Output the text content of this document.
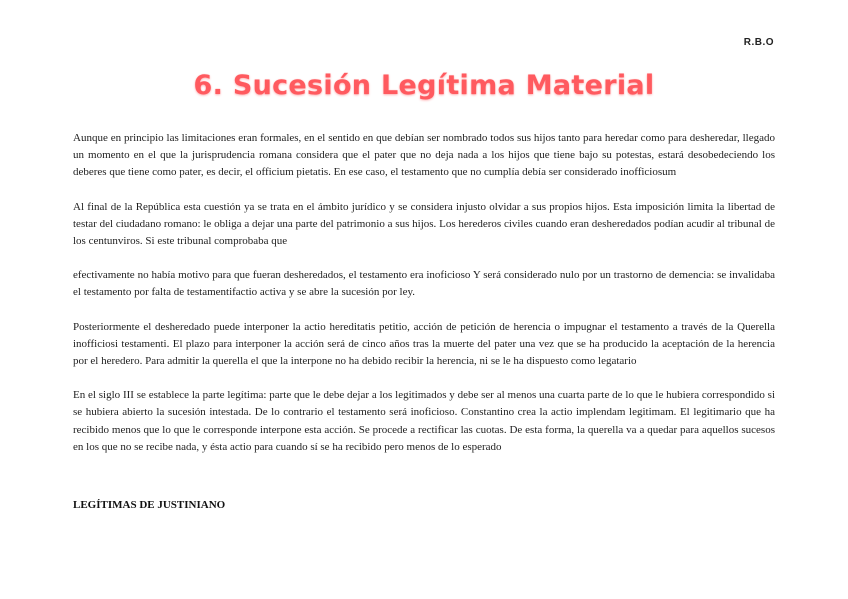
R.B.O
6. Sucesión Legítima Material

Aunque en principio las limitaciones eran formales, en el sentido en que debían ser nombrado todos sus hijos tanto para heredar como para desheredar, llegado un momento en el que la jurisprudencia romana considera que el pater que no deja nada a los hijos que tiene bajo su potestas, estará desobedeciendo los deberes que tiene como pater, es decir, el officium pietatis. En ese caso, el testamento que no cumplía debía ser considerado inofficiosum

Al final de la República esta cuestión ya se trata en el ámbito jurídico y se considera injusto olvidar a sus propios hijos. Esta imposición limita la libertad de testar del ciudadano romano: le obliga a dejar una parte del patrimonio a sus hijos. Los herederos civiles cuando eran desheredados podían acudir al tribunal de los centunviros. Si este tribunal comprobaba que

efectivamente no había motivo para que fueran desheredados, el testamento era inoficioso Y será considerado nulo por un trastorno de demencia: se invalidaba el testamento por falta de testamentifactio activa y se abre la sucesión por ley.

Posteriormente el desheredado puede interponer la actio hereditatis petitio, acción de petición de herencia o impugnar el testamento a través de la Querella inofficiosi testamenti. El plazo para interponer la acción será de cinco años tras la muerte del pater una vez que se ha producido la aceptación de la herencia por el heredero. Para admitir la querella el que la interpone no ha debido recibir la herencia, ni se le ha dispuesto como legatario

En el siglo III se establece la parte legítima: parte que le debe dejar a los legitimados y debe ser al menos una cuarta parte de lo que le hubiera correspondido si se hubiera abierto la sucesión intestada. De lo contrario el testamento será inoficioso. Constantino crea la actio implendam legitimam. El legitimario que ha recibido menos que lo que le corresponde interpone esta acción. Se procede a rectificar las cuotas. De esta forma, la querella va a quedar para aquellos sucesos en los que no se recibe nada, y ésta actio para cuando sí se ha recibido pero menos de lo esperado

LEGÍTIMAS DE JUSTINIANO
